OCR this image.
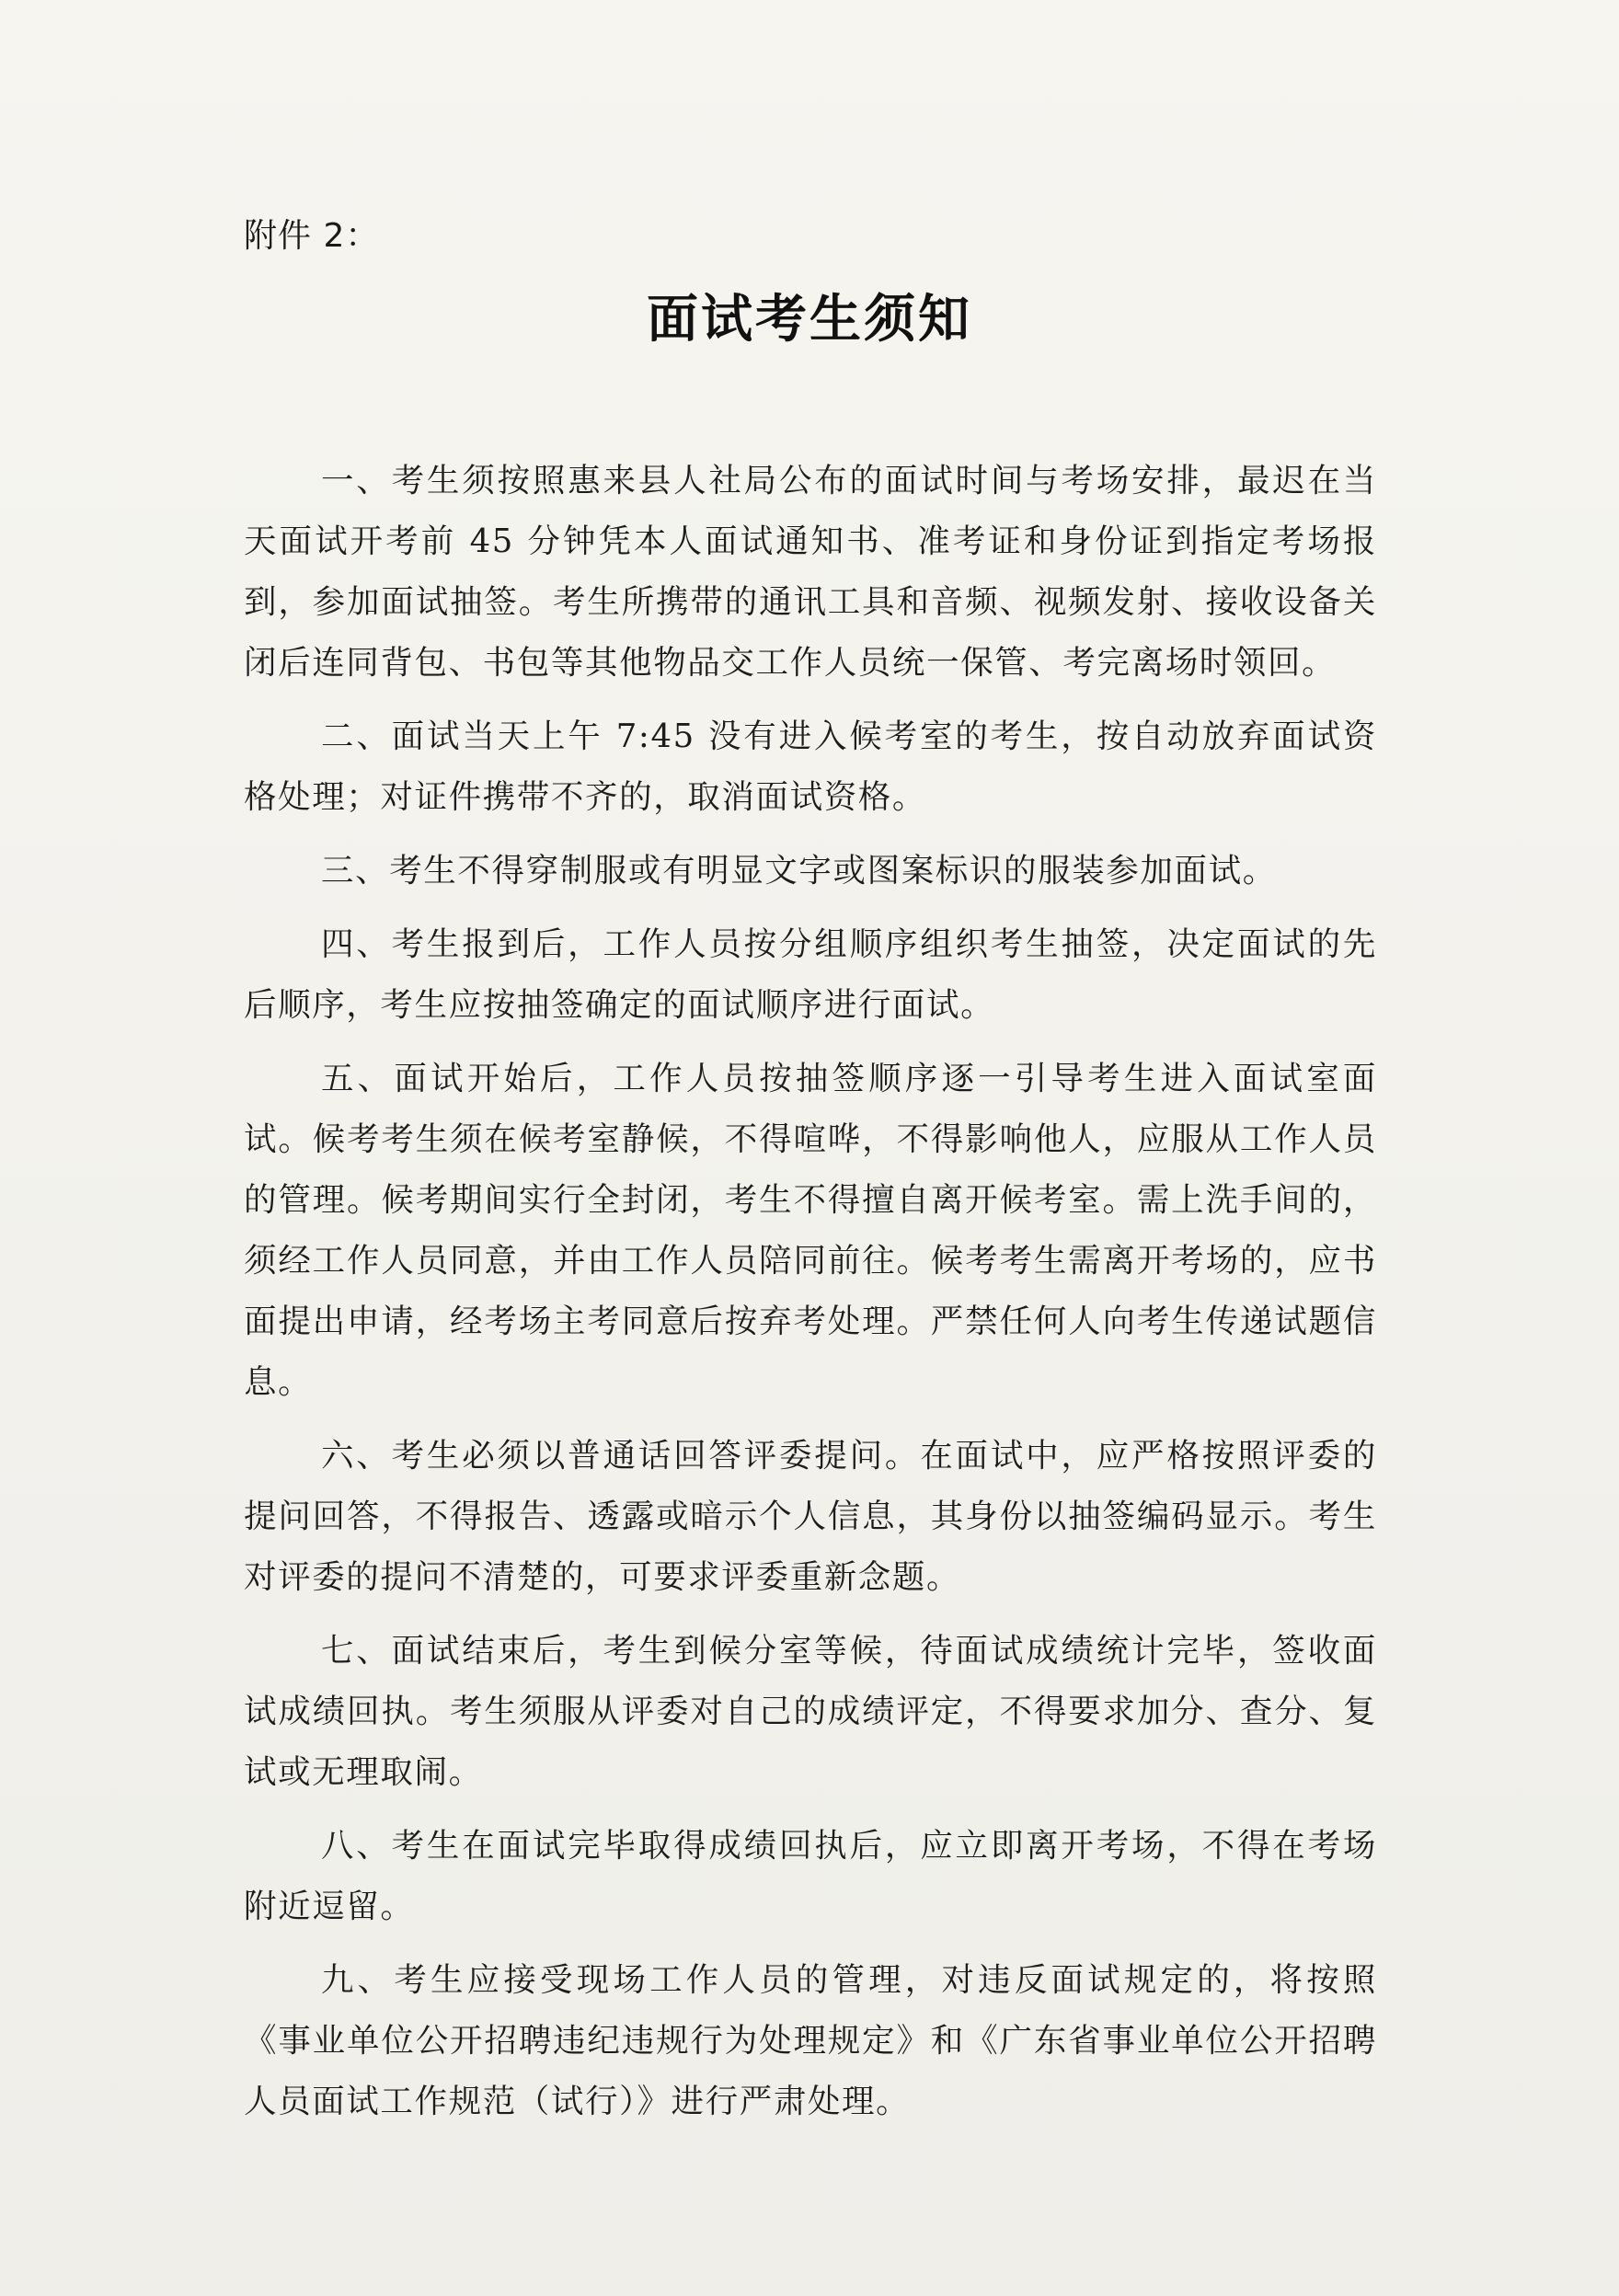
附件 2：
面试考生须知

一、考生须按照惠来县人社局公布的面试时间与考场安排，最迟在当天面试开考前 45 分钟凭本人面试通知书、准考证和身份证到指定考场报到，参加面试抽签。考生所携带的通讯工具和音频、视频发射、接收设备关闭后连同背包、书包等其他物品交工作人员统一保管、考完离场时领回。

二、面试当天上午 7:45 没有进入候考室的考生，按自动放弃面试资格处理；对证件携带不齐的，取消面试资格。

三、考生不得穿制服或有明显文字或图案标识的服装参加面试。

四、考生报到后，工作人员按分组顺序组织考生抽签，决定面试的先后顺序，考生应按抽签确定的面试顺序进行面试。

五、面试开始后，工作人员按抽签顺序逐一引导考生进入面试室面试。候考考生须在候考室静候，不得喧哗，不得影响他人，应服从工作人员的管理。候考期间实行全封闭，考生不得擅自离开候考室。需上洗手间的，须经工作人员同意，并由工作人员陪同前往。候考考生需离开考场的，应书面提出申请，经考场主考同意后按弃考处理。严禁任何人向考生传递试题信息。

六、考生必须以普通话回答评委提问。在面试中，应严格按照评委的提问回答，不得报告、透露或暗示个人信息，其身份以抽签编码显示。考生对评委的提问不清楚的，可要求评委重新念题。

七、面试结束后，考生到候分室等候，待面试成绩统计完毕，签收面试成绩回执。考生须服从评委对自己的成绩评定，不得要求加分、查分、复试或无理取闹。

八、考生在面试完毕取得成绩回执后，应立即离开考场，不得在考场附近逗留。

九、考生应接受现场工作人员的管理，对违反面试规定的，将按照《事业单位公开招聘违纪违规行为处理规定》和《广东省事业单位公开招聘人员面试工作规范（试行）》进行严肃处理。
